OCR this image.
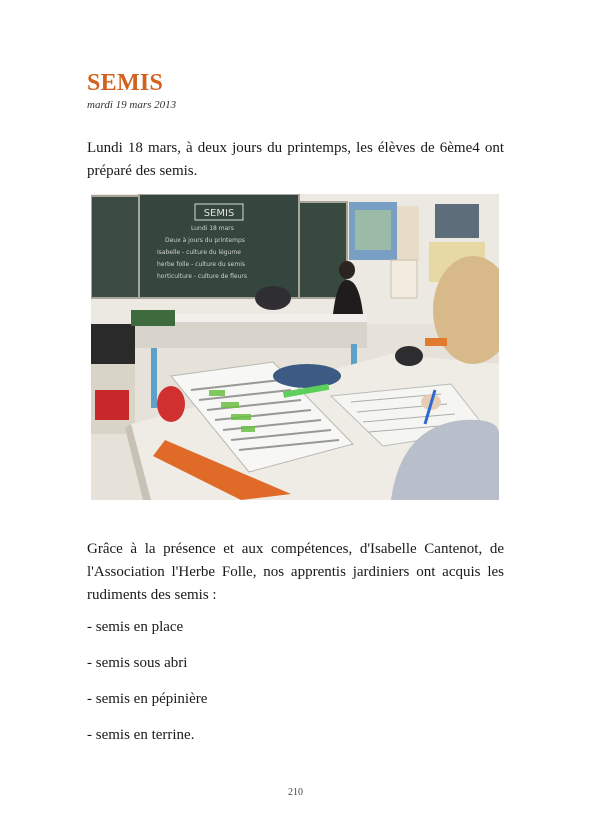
SEMIS
mardi 19 mars 2013

Lundi 18 mars, à deux jours du printemps, les élèves de 6ème4 ont préparé des semis.

SEMIS
Lundi 18 mars
Deux à jours du printemps
Isabelle - culture du légume
herbe folle - culture du semis
horticulture - culture de fleurs

Grâce à la présence et aux compétences, d'Isabelle Cantenot, de l'Association l'Herbe Folle, nos apprentis jardiniers ont acquis les rudiments des semis :

- semis en place
- semis sous abri
- semis en pépinière
- semis en terrine.
210
